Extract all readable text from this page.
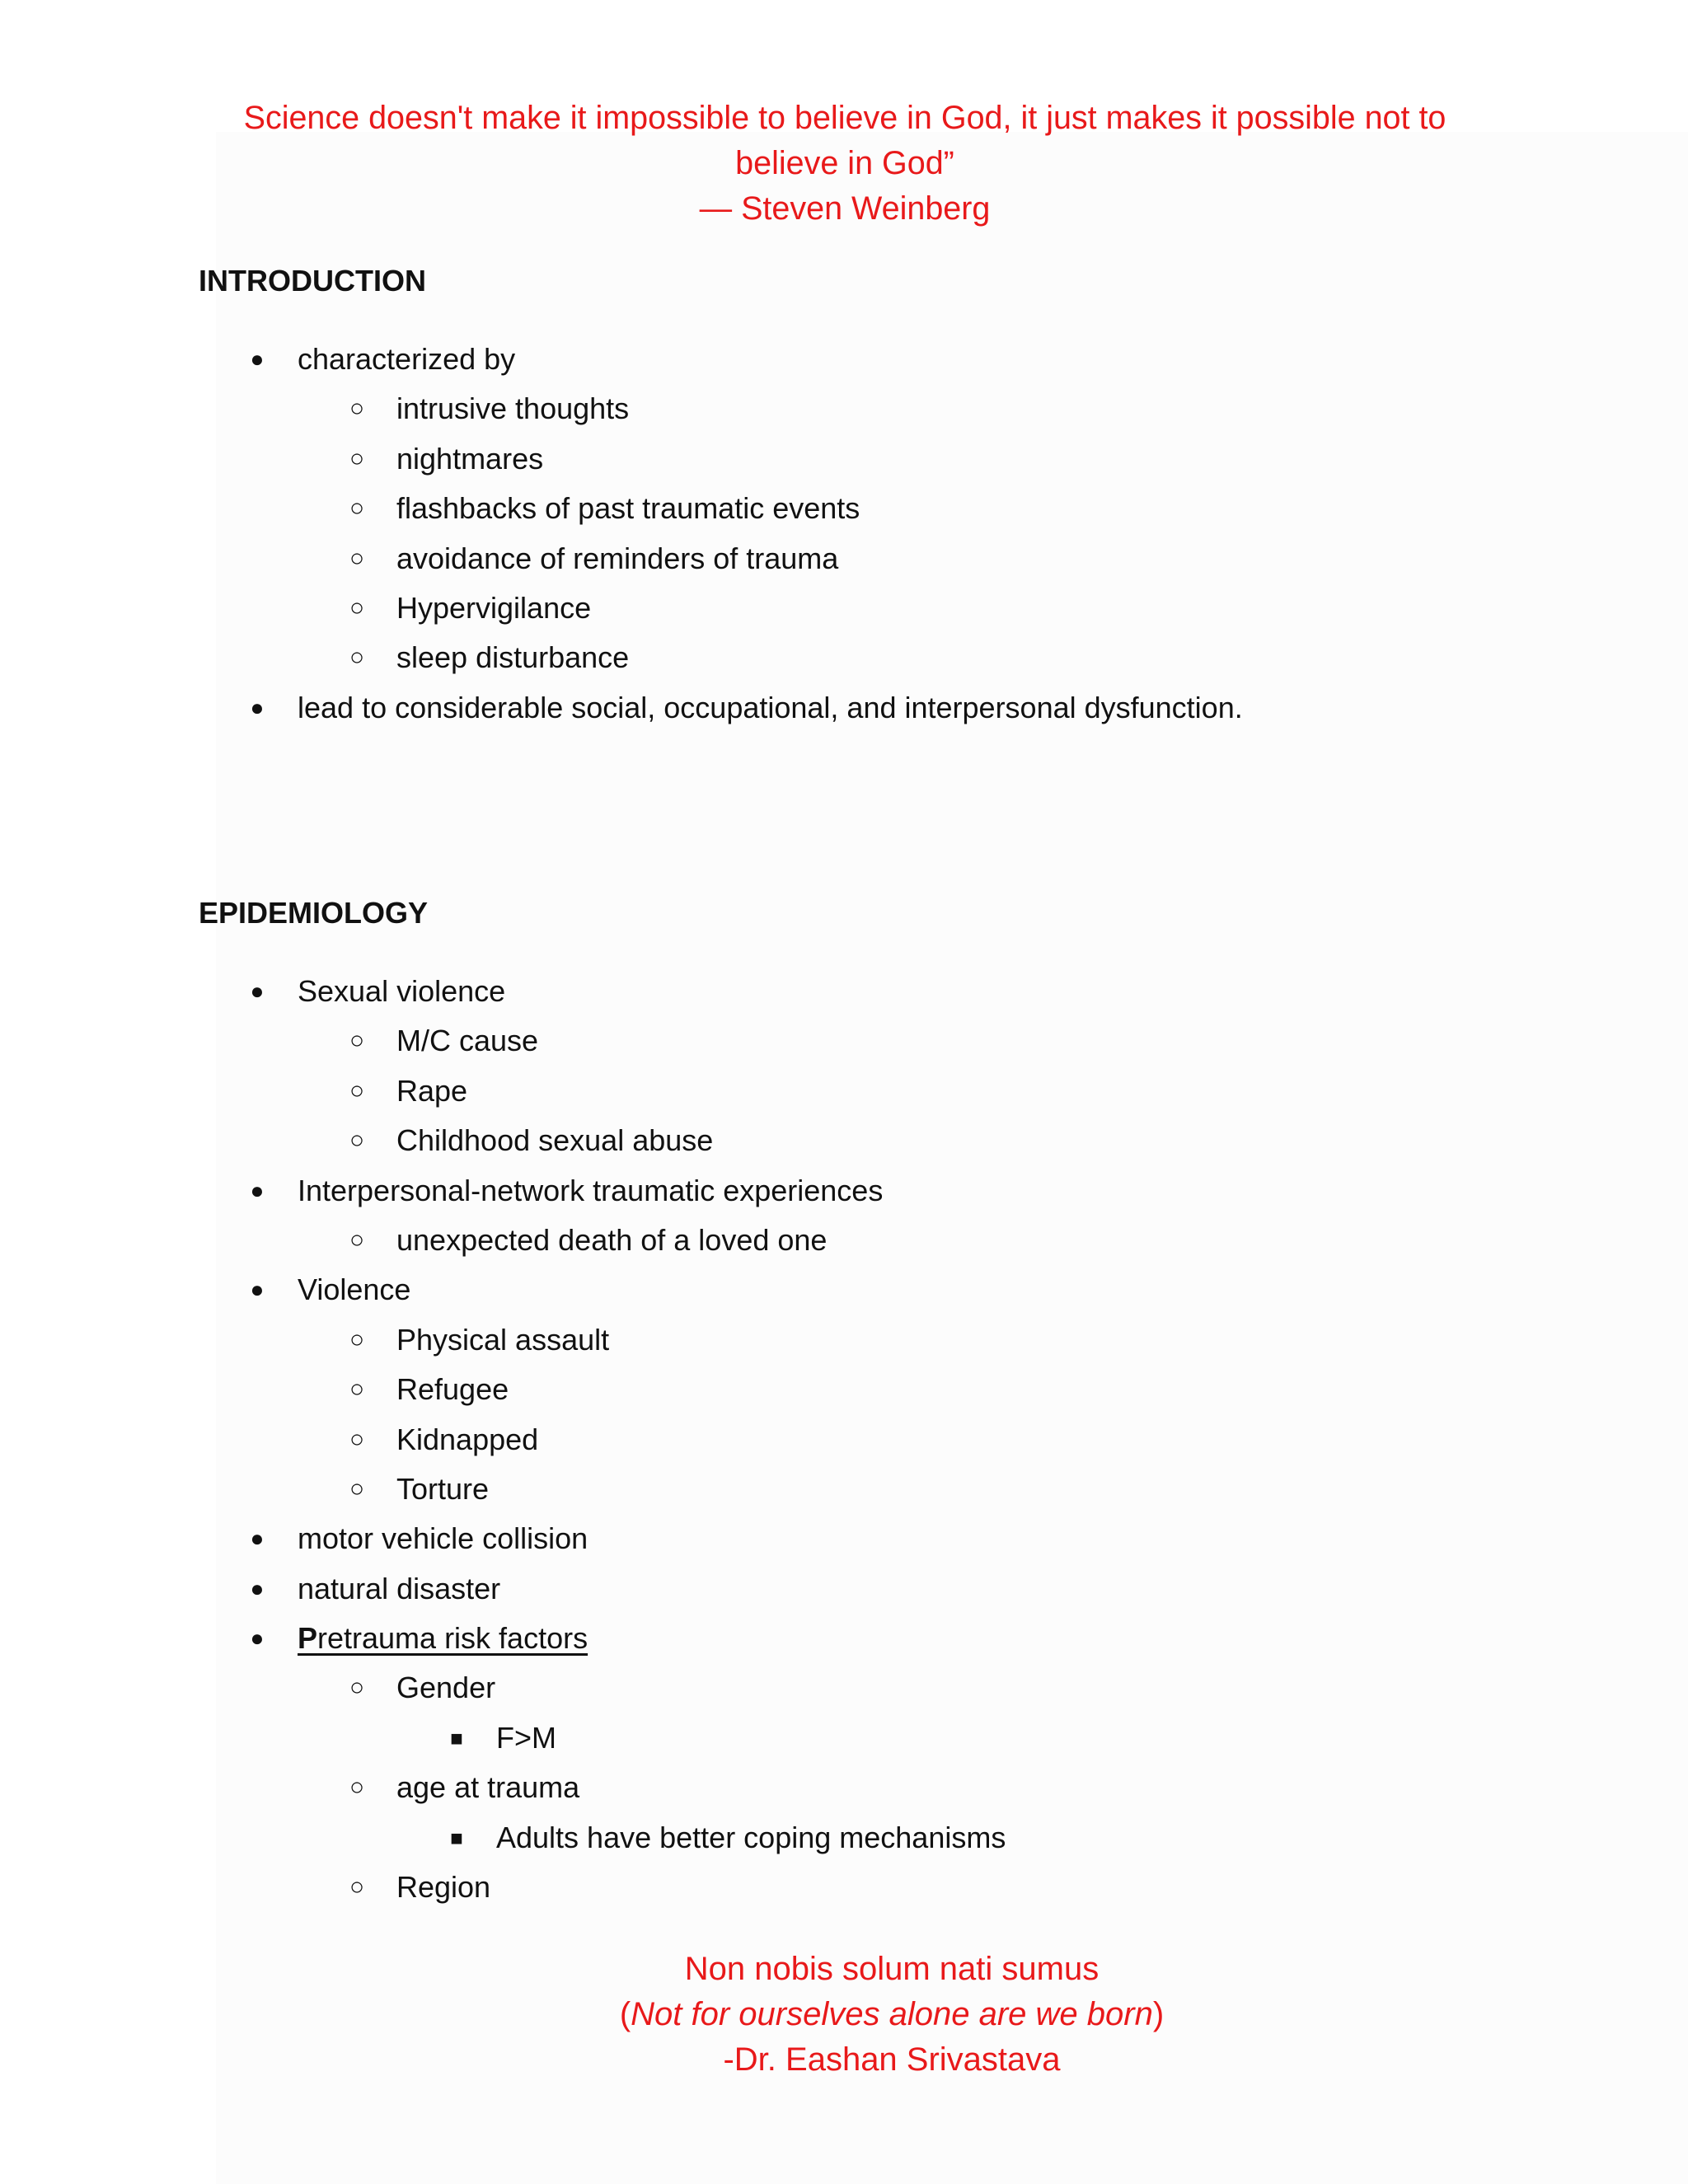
Science doesn't make it impossible to believe in God, it just makes it possible not to
believe in God”
— Steven Weinberg
INTRODUCTION
●	characterized by
○	intrusive thoughts
○	nightmares
○	flashbacks of past traumatic events
○	avoidance of reminders of trauma
○	Hypervigilance
○	sleep disturbance
●	lead to considerable social, occupational, and interpersonal dysfunction.
EPIDEMIOLOGY
●	Sexual violence
○	M/C cause
○	Rape
○	Childhood sexual abuse
●	Interpersonal-network traumatic experiences
○	unexpected death of a loved one
●	Violence
○	Physical assault
○	Refugee
○	Kidnapped
○	Torture
●	motor vehicle collision
●	natural disaster
●	Pretrauma risk factors
○	Gender
■	F>M
○	age at trauma
■	Adults have better coping mechanisms
○	Region
Non nobis solum nati sumus
(Not for ourselves alone are we born)
-Dr. Eashan Srivastava
